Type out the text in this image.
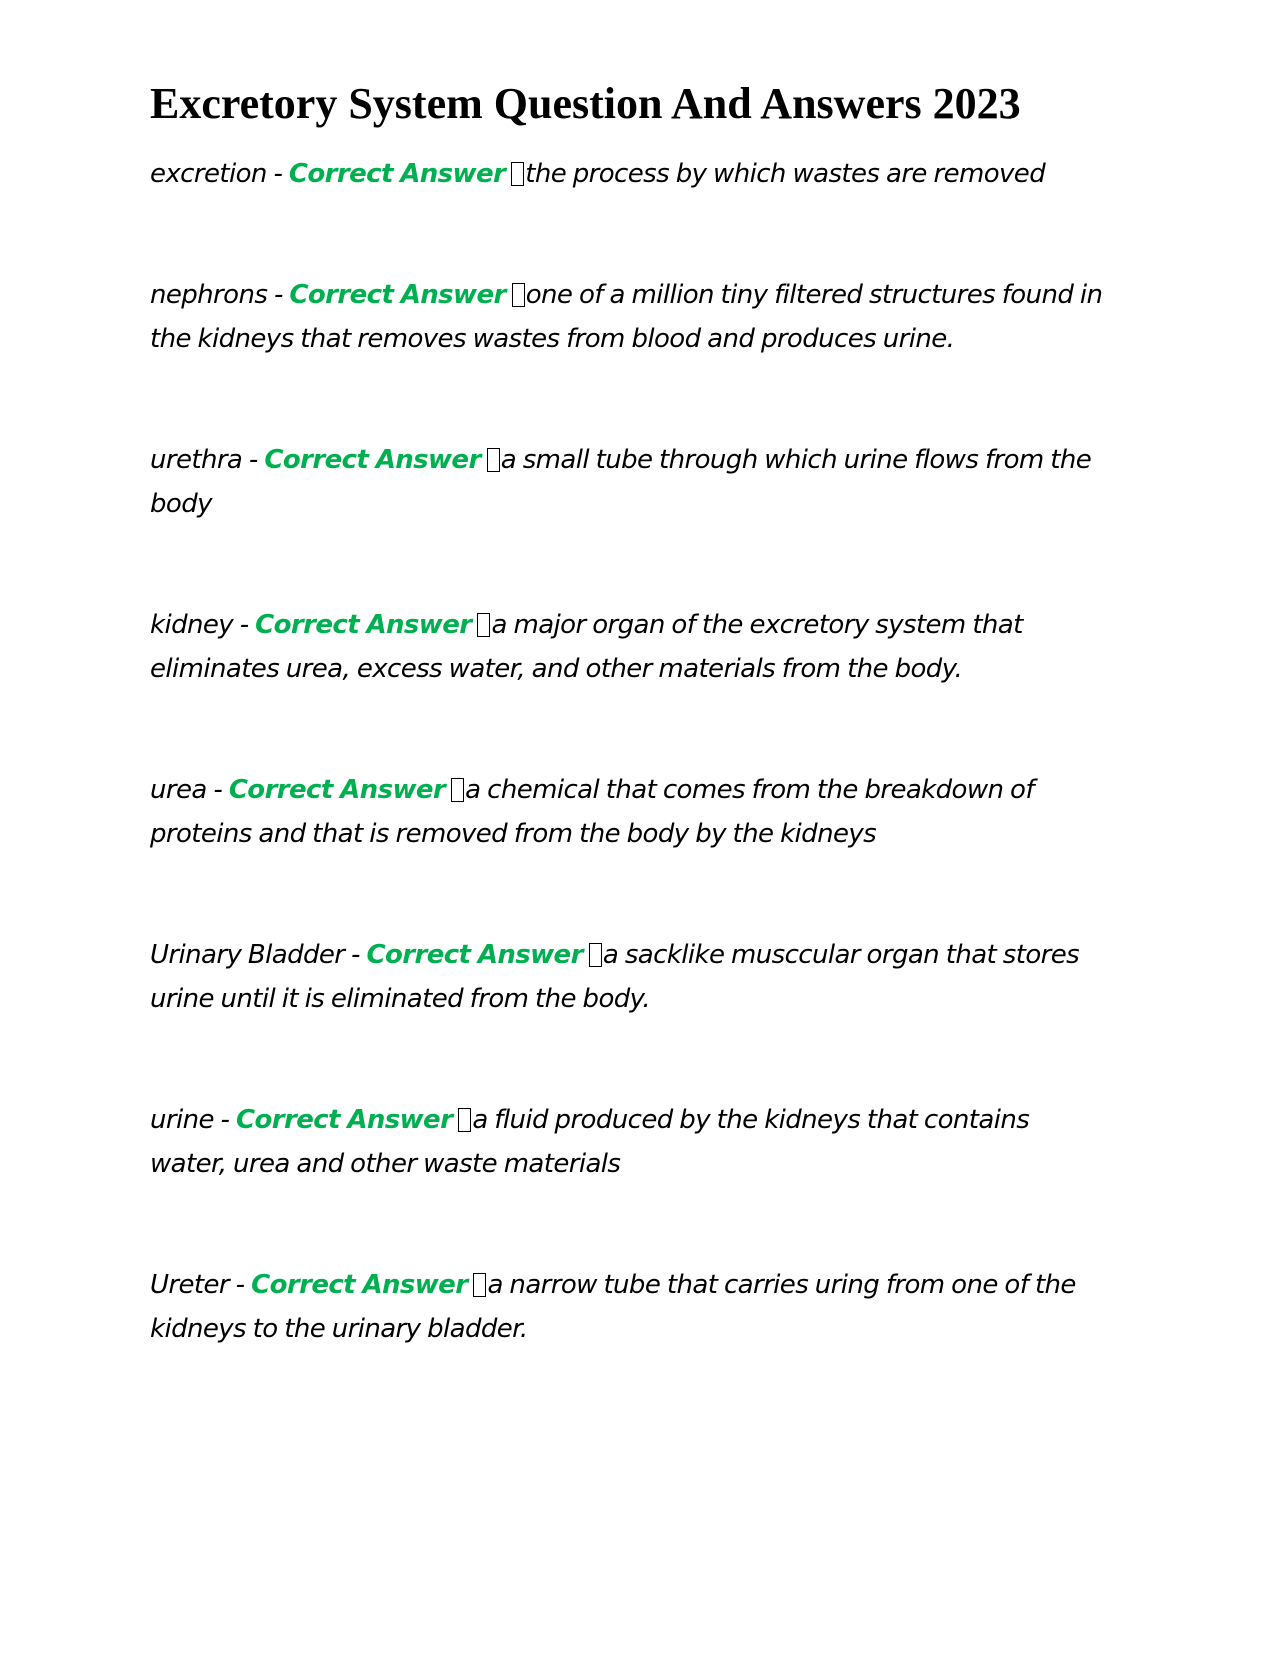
Excretory System Question And Answers 2023

excretion - Correct Answer the process by which wastes are removed

nephrons - Correct Answer one of a million tiny filtered structures found in the kidneys that removes wastes from blood and produces urine.

urethra - Correct Answer a small tube through which urine flows from the body

kidney - Correct Answer a major organ of the excretory system that eliminates urea, excess water, and other materials from the body.

urea - Correct Answer a chemical that comes from the breakdown of proteins and that is removed from the body by the kidneys

Urinary Bladder - Correct Answer a sacklike musccular organ that stores urine until it is eliminated from the body.

urine - Correct Answer a fluid produced by the kidneys that contains water, urea and other waste materials

Ureter - Correct Answer a narrow tube that carries uring from one of the kidneys to the urinary bladder.
